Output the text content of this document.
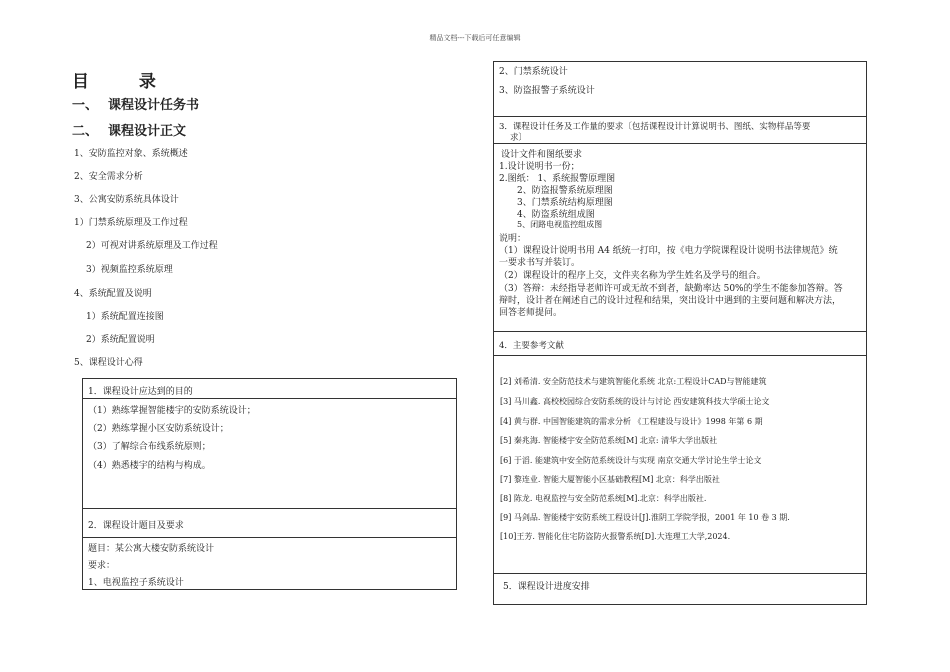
精品文档---下载后可任意编辑
目 录
一、 课程设计任务书
二、 课程设计正文
1、安防监控对象、系统概述
2、安全需求分析
3、公寓安防系统具体设计
1）门禁系统原理及工作过程
2）可视对讲系统原理及工作过程
3）视频监控系统原理
4、系统配置及说明
1）系统配置连接图
2）系统配置说明
5、课程设计心得
1．课程设计应达到的目的
（1）熟练掌握智能楼宇的安防系统设计；
（2）熟练掌握小区安防系统设计；
（3）了解综合布线系统原则；
（4）熟悉楼宇的结构与构成。
2．课程设计题目及要求
题目：某公寓大楼安防系统设计
要求：
1、电视监控子系统设计
2、门禁系统设计
3、防盗报警子系统设计
3．课程设计任务及工作量的要求〔包括课程设计计算说明书、图纸、实物样品等要
求〕
设计文件和图纸要求
1.设计说明书一份；
2.图纸： 1、系统报警原理图
2、防盗报警系统原理图
3、门禁系统结构原理图
4、防盗系统组成图
5、闭路电视监控组成图
说明：
（1）课程设计说明书用 A4 纸统一打印，按《电力学院课程设计说明书法律规范》统
一要求书写并装订。
（2）课程设计的程序上交，文件夹名称为学生姓名及学号的组合。
（3）答辩：未经指导老师许可或无故不到者，缺勤率达 50%的学生不能参加答辩。答
辩时，设计者在阐述自己的设计过程和结果，突出设计中遇到的主要问题和解决方法，
回答老师提问。
4．主要参考文献
[2] 刘希清. 安全防范技术与建筑智能化系统 北京:工程设计CAD与智能建筑
[3] 马川鑫. 高校校园综合安防系统的设计与讨论 西安建筑科技大学硕士论文
[4] 黄与群. 中国智能建筑的需求分析 《工程建设与设计》1998 年第 6 期
[5] 秦兆海. 智能楼宇安全防范系统[M] 北京: 清华大学出版社
[6] 于滔. 能建筑中安全防范系统设计与实现 南京交通大学讨论生学士论文
[7] 黎连业. 智能大厦智能小区基础教程[M] 北京：科学出版社
[8] 陈龙. 电视监控与安全防范系统[M].北京：科学出版社.
[9] 马剑品. 智能楼宇安防系统工程设计[J].淮阴工学院学报，2001 年 10 卷 3 期.
[10]王芳. 智能化住宅防盗防火报警系统[D].大连理工大学,2024.
5．课程设计进度安排
